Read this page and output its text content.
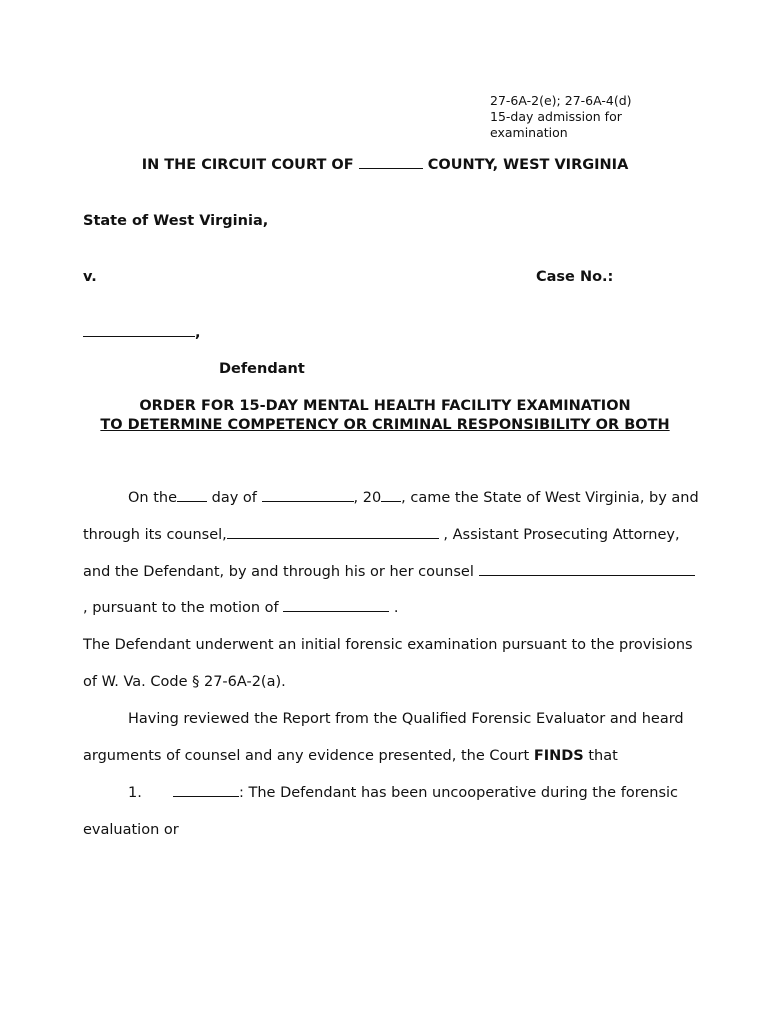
27-6A-2(e); 27-6A-4(d)
15-day admission for
examination
IN THE CIRCUIT COURT OF	COUNTY, WEST VIRGINIA
State of West Virginia,
v.	Case No.:
,
Defendant
ORDER FOR 15-DAY MENTAL HEALTH FACILITY EXAMINATION
TO DETERMINE COMPETENCY OR CRIMINAL RESPONSIBILITY OR BOTH
On the day of	, 20 , came the State of West Virginia, by and
through its counsel,	, Assistant Prosecuting Attorney,
and the Defendant, by and through his or her counsel
, pursuant to the motion of	.
The Defendant underwent an initial forensic examination pursuant to the provisions
of W. Va. Code § 27-6A-2(a).
Having reviewed the Report from the Qualified Forensic Evaluator and heard
arguments of counsel and any evidence presented, the Court FINDS that
1.	: The Defendant has been uncooperative during the forensic
evaluation or
